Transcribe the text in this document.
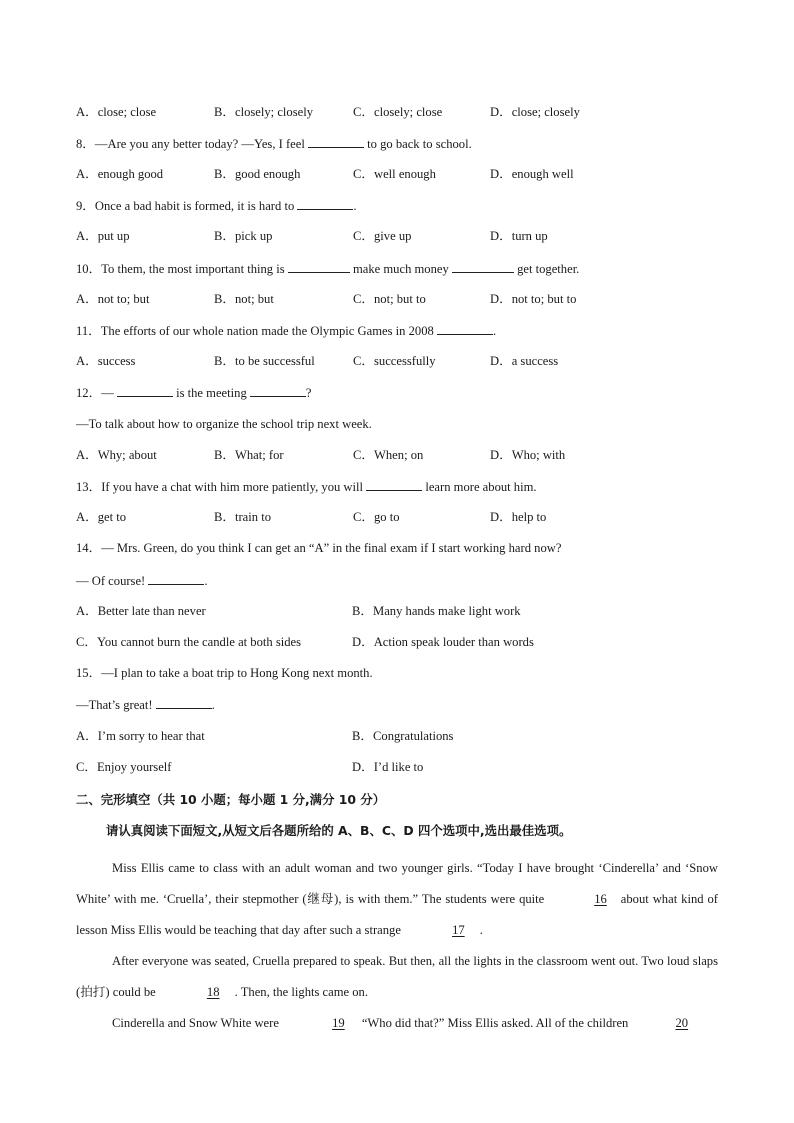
A．close; close	B．closely; closely	C．closely; close	D．close; closely
8．—Are you any better today? —Yes, I feel	to go back to school.
A．enough good	B．good enough	C．well enough	D．enough well
9．Once a bad habit is formed, it is hard to	.
A．put up	B．pick up	C．give up	D．turn up
10．To them, the most important thing is	make much money	get together.
A．not to; but	B．not; but	C．not; but to	D．not to; but to
11．The efforts of our whole nation made the Olympic Games in 2008	.
A．success	B．to be successful	C．successfully	D．a success
12．—	is the meeting	?
—To talk about how to organize the school trip next week.
A．Why; about	B．What; for	C．When; on	D．Who; with
13．If you have a chat with him more patiently, you will	learn more about him.
A．get to	B．train to	C．go to	D．help to
14．— Mrs. Green, do you think I can get an “A” in the final exam if I start working hard now?
— Of course!	.
A．Better late than never	B．Many hands make light work
C．You cannot burn the candle at both sides	D．Action speak louder than words
15．—I plan to take a boat trip to Hong Kong next month.
—That’s great!	.
A．I’m sorry to hear that	B．Congratulations
C．Enjoy yourself	D．I’d like to
二、完形填空（共 10 小题；每小题 1 分,满分 10 分）
请认真阅读下面短文,从短文后各题所给的 A、B、C、D 四个选项中,选出最佳选项。
Miss Ellis came to class with an adult woman and two younger girls. “Today I have brought ‘Cinderella’ and ‘Snow White’ with me. ‘Cruella’, their stepmother (继母), is with them.” The students were quite	16 about what kind of lesson Miss Ellis would be teaching that day after such a strange	17 .
After everyone was seated, Cruella prepared to speak. But then, all the lights in the classroom went out. Two loud slaps (拍打) could be	18 . Then, the lights came on.
Cinderella and Snow White were	19 “Who did that?” Miss Ellis asked. All of the children	20
